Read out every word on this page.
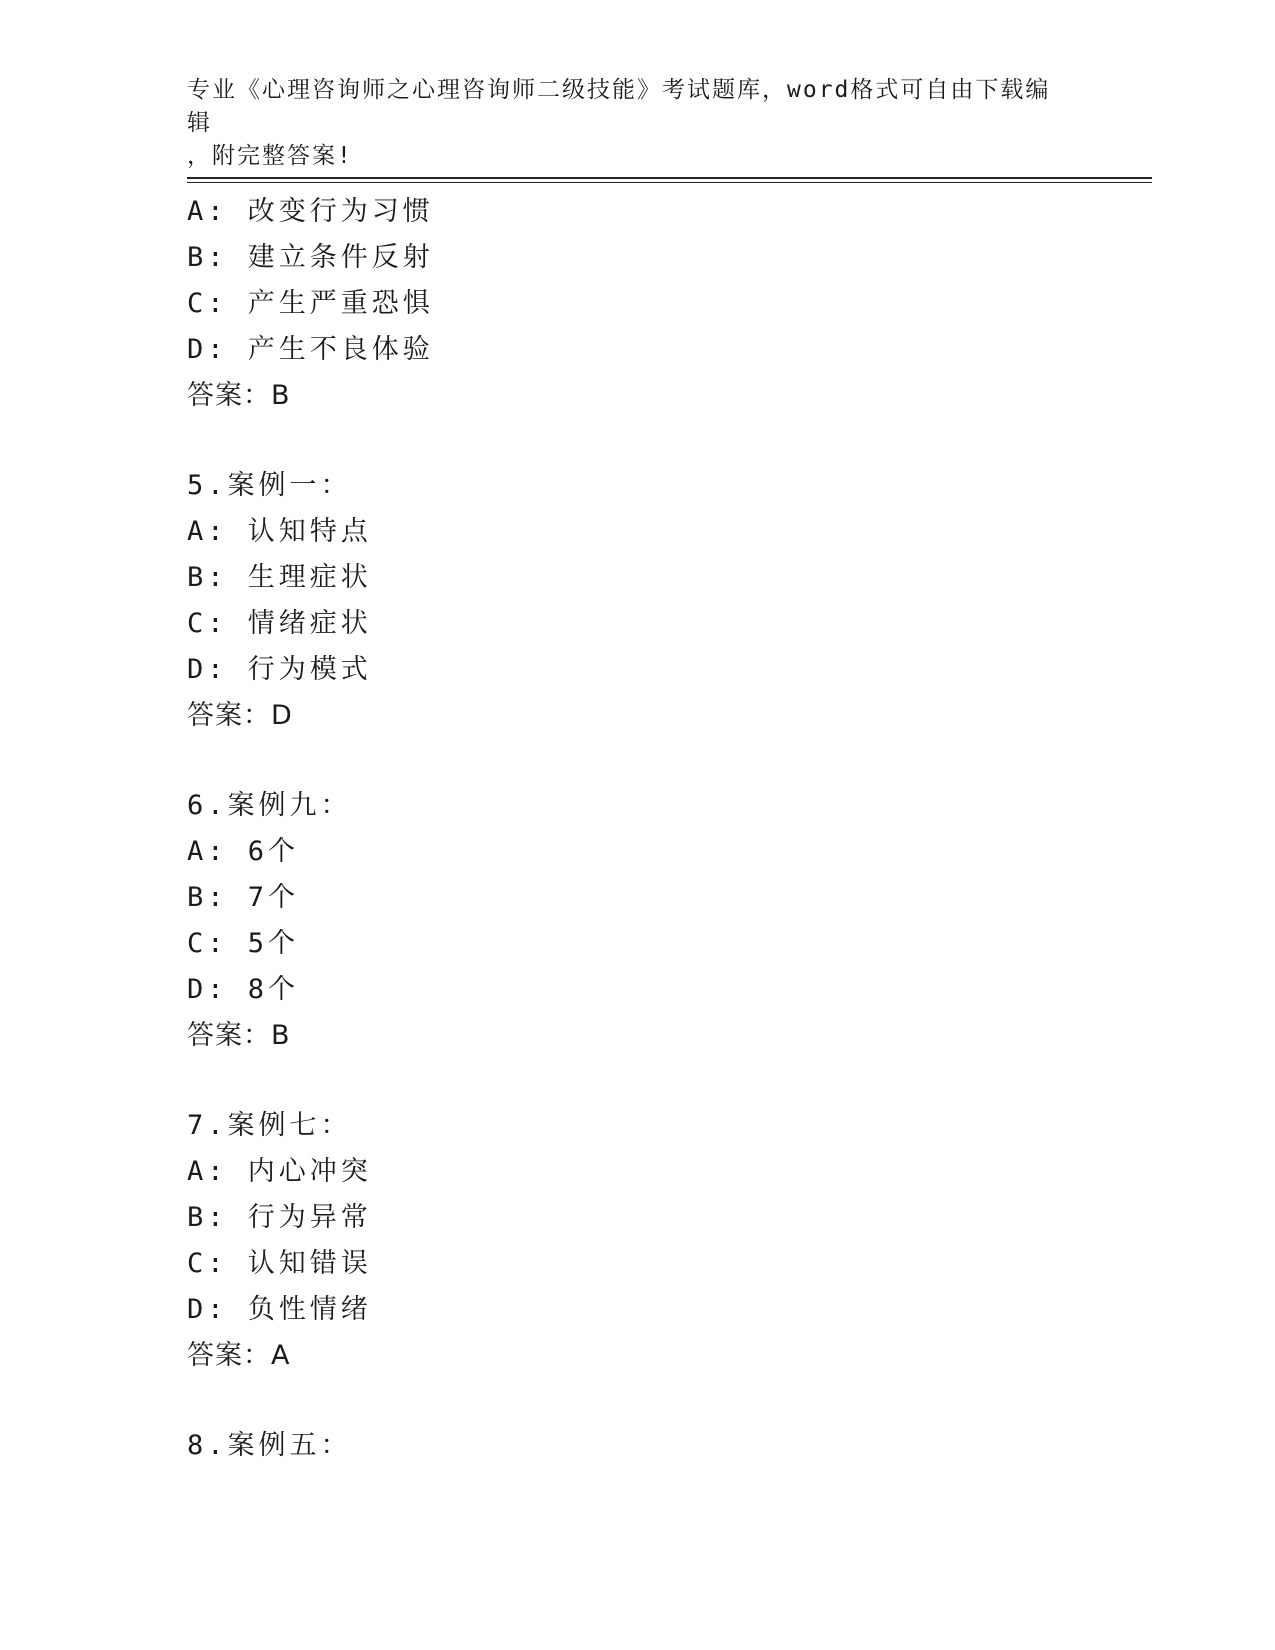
专业《心理咨询师之心理咨询师二级技能》考试题库，word格式可自由下载编辑
，附完整答案!
A: 改变行为习惯
B: 建立条件反射
C: 产生严重恐惧
D: 产生不良体验
答案：B
5.案例一：
A: 认知特点
B: 生理症状
C: 情绪症状
D: 行为模式
答案：D
6.案例九：
A: 6个
B: 7个
C: 5个
D: 8个
答案：B
7.案例七：
A: 内心冲突
B: 行为异常
C: 认知错误
D: 负性情绪
答案：A
8.案例五：
